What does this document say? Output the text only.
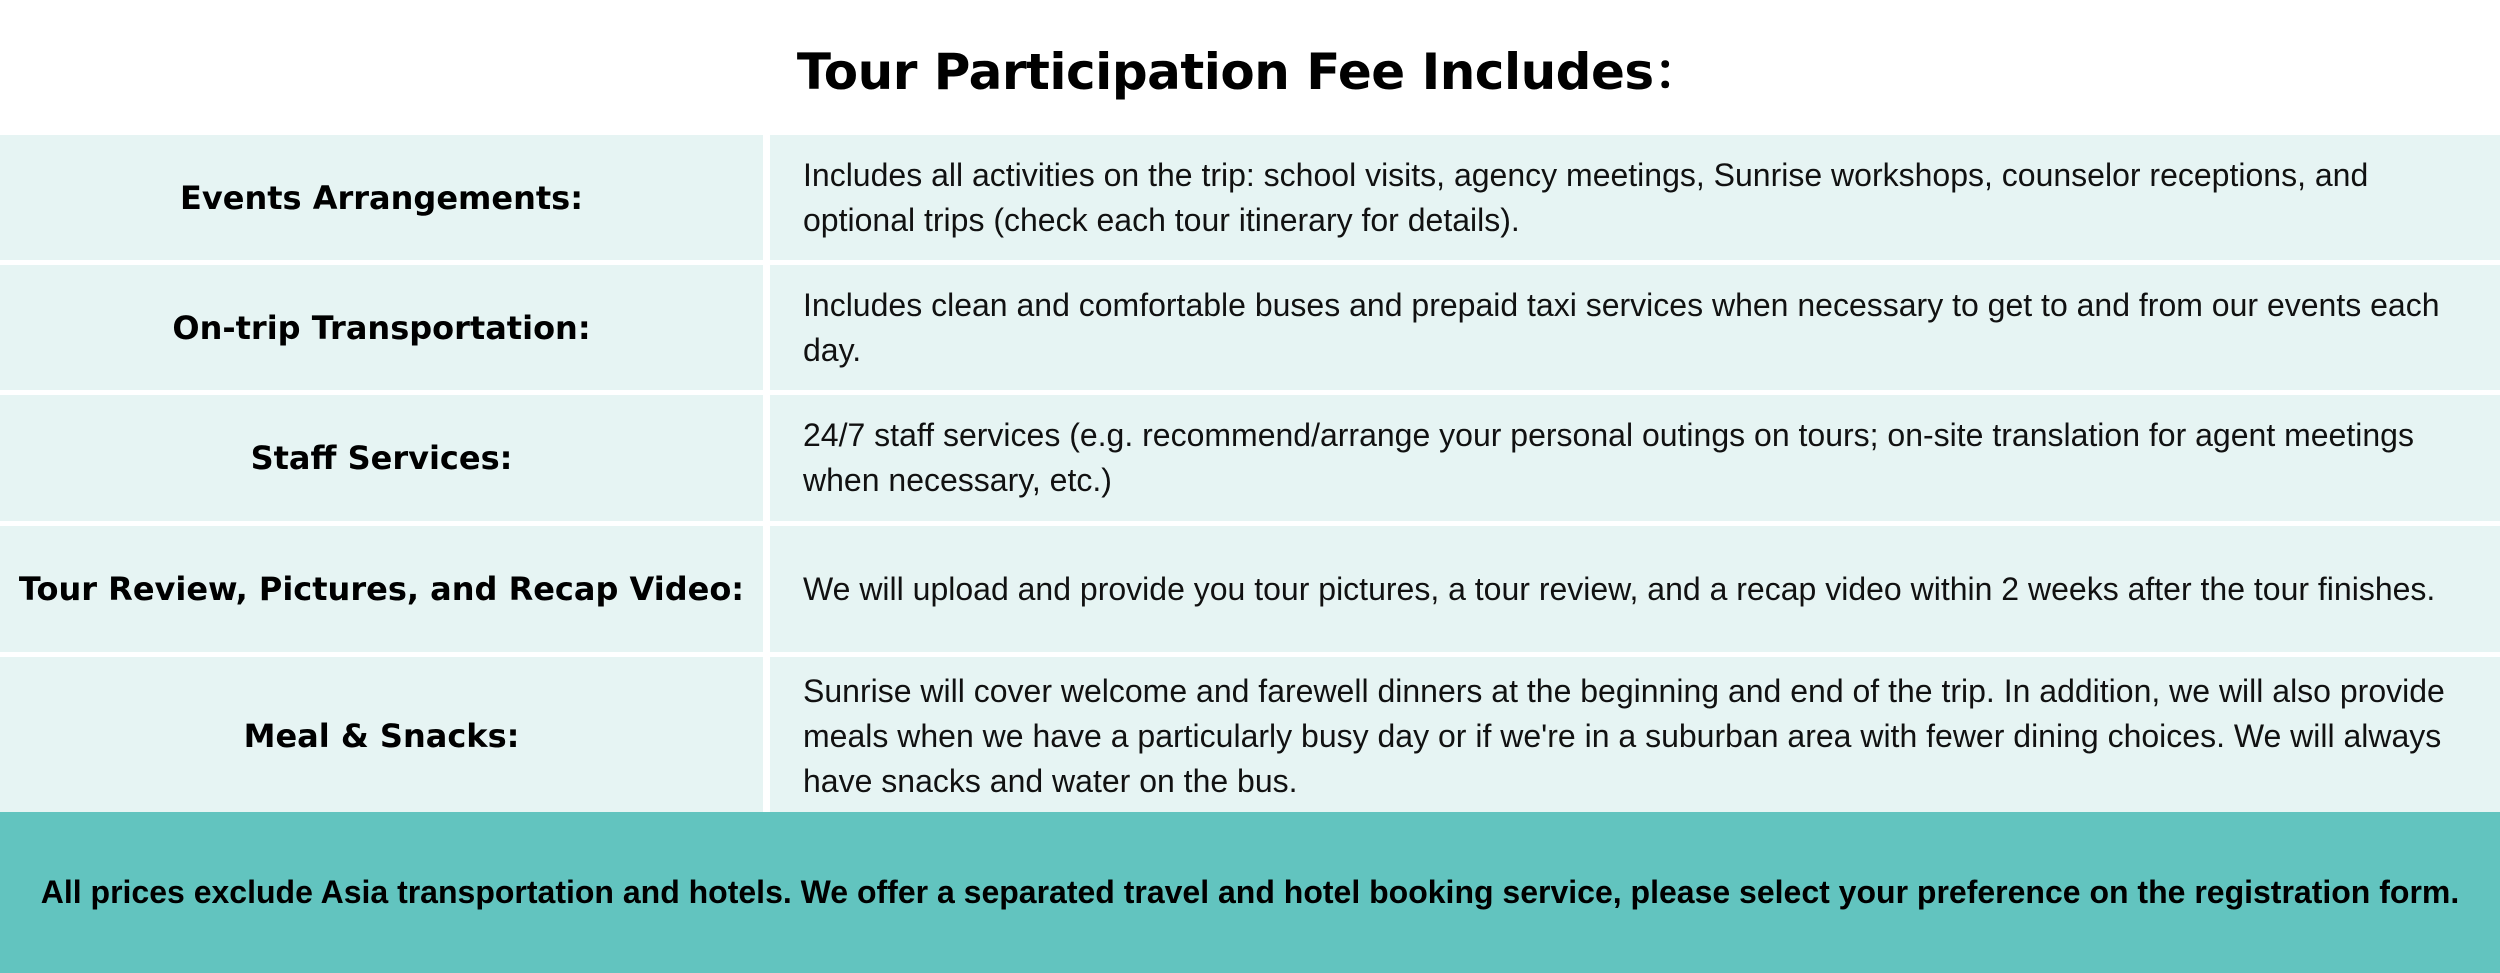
Tour Participation Fee Includes：
Events Arrangements:
Includes all activities on the trip: school visits, agency meetings, Sunrise workshops, counselor receptions, and optional trips (check each tour itinerary for details).
On-trip Transportation:
Includes clean and comfortable buses and prepaid taxi services when necessary to get to and from our events each day.
Staff Services:
24/7 staff services (e.g. recommend/arrange your personal outings on tours; on-site translation for agent meetings when necessary, etc.)
Tour Review, Pictures, and Recap Video:	We will upload and provide you tour pictures, a tour review, and a recap video within 2 weeks after the tour finishes.
Meal & Snacks:
Sunrise will cover welcome and farewell dinners at the beginning and end of the trip. In addition, we will also provide meals when we have a particularly busy day or if we're in a suburban area with fewer dining choices. We will always have snacks and water on the bus.
All prices exclude Asia transportation and hotels. We offer a separated travel and hotel booking service, please select your preference on the registration form.
